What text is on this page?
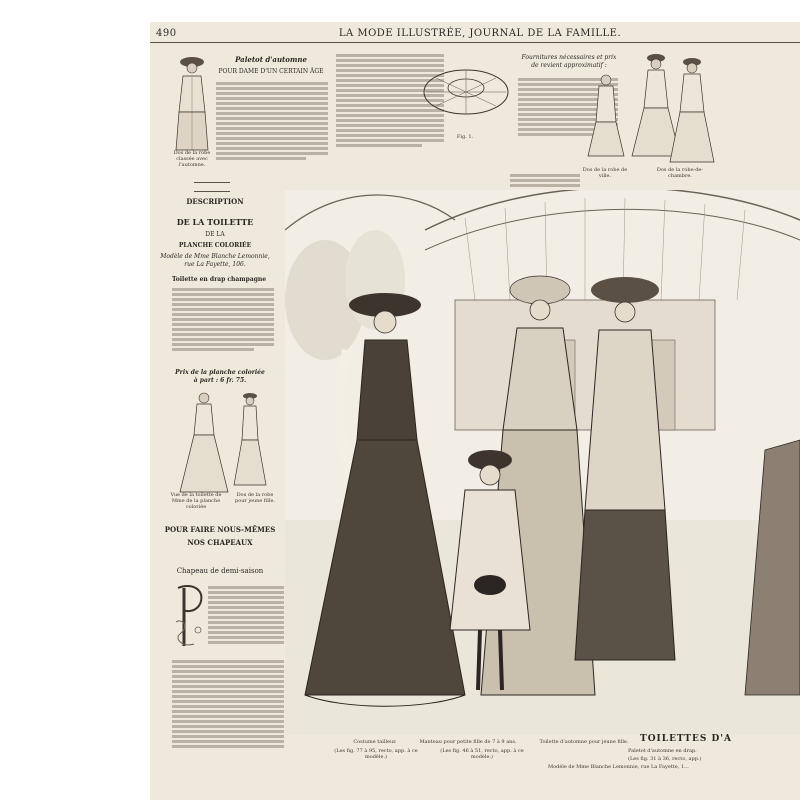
490	LA MODE ILLUSTRÉE, JOURNAL DE LA FAMILLE.
Dos de la robe classée avec l'automne.
Paletot d'automne
POUR DAME D'UN CERTAIN ÂGE
DESCRIPTION
DE LA TOILETTE
DE LA
PLANCHE COLORIÉE
Modèle de Mme Blanche Lemonnie, rue La Fayette, 106.
Toilette en drap champagne
Prix de la planche coloriée
à part : 6 fr. 75.
Vue de la toilette de Mme de la planche coloriée
Dos de la robe pour jeune fille.
POUR FAIRE NOUS-MÊMES
NOS CHAPEAUX
Chapeau de demi-saison
Fig. 1.
Fournitures nécessaires et prix
de revient approximatif :
Dos de la robe de ville.
Dos de la robe-de-chambre.
Costume tailleur.	Manteau pour petite fille de 7 à 9 ans.	Toilette d'automne pour jeune fille.
(Les fig. 77 à 95, recto, app. à ce modèle.)
(Les fig. 46 à 51, recto, app. à ce modèle.)
TOILETTES D'A
Paletot d'automne en drap.
(Les fig. 31 à 36, recto, app.)
Modèle de Mme Blanche Lemonnie, rue La Fayette, 1...
